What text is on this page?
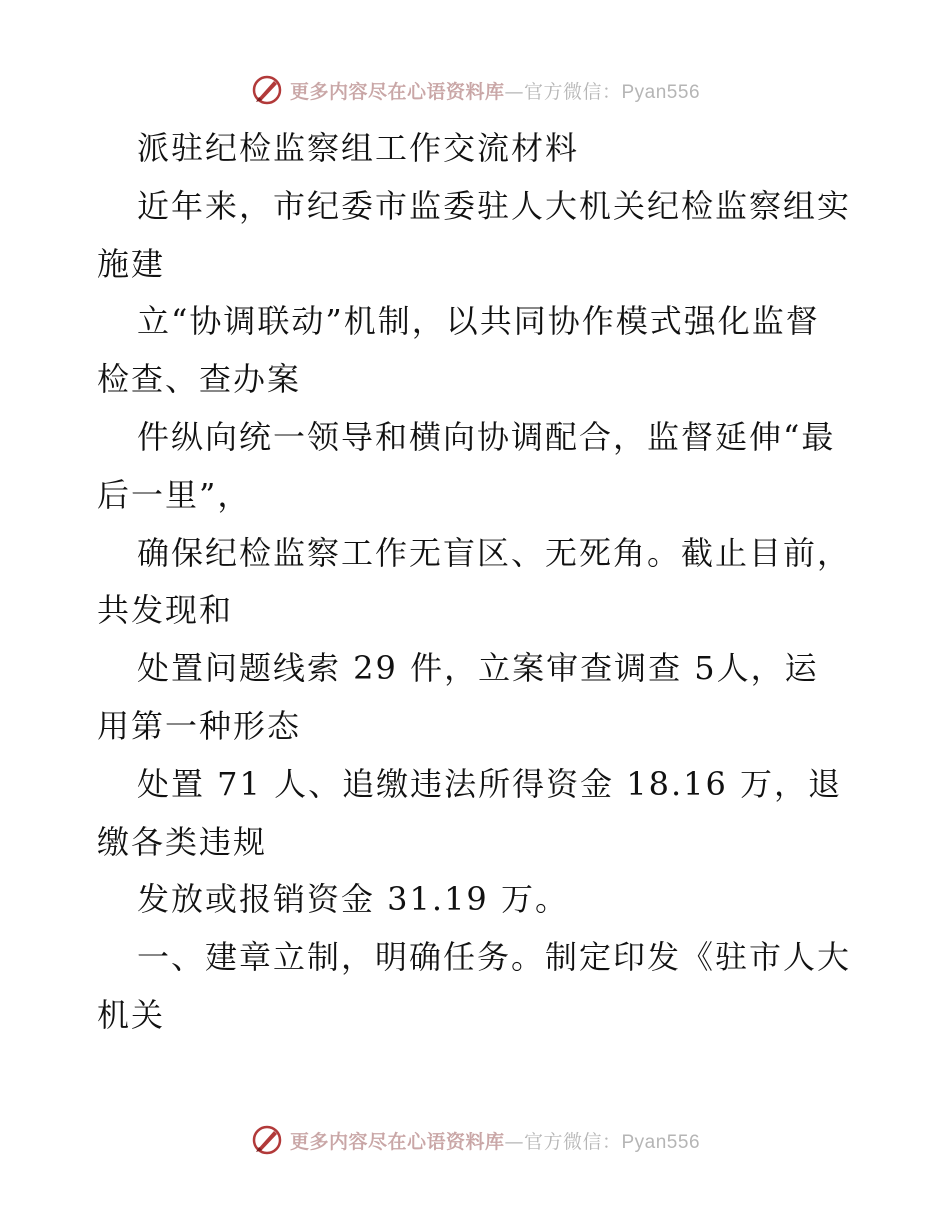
更多内容尽在心语资料库—官方微信：Pyan556
派驻纪检监察组工作交流材料
近年来，市纪委市监委驻人大机关纪检监察组实
施建
立“协调联动”机制，以共同协作模式强化监督
检查、查办案
件纵向统一领导和横向协调配合，监督延伸“最
后一里”，
确保纪检监察工作无盲区、无死角。截止目前，
共发现和
处置问题线索 29 件，立案审查调查 5人，运
用第一种形态
处置 71 人、追缴违法所得资金 18.16 万，退
缴各类违规
发放或报销资金 31.19 万。
一、建章立制，明确任务。制定印发《驻市人大
机关
更多内容尽在心语资料库—官方微信：Pyan556
